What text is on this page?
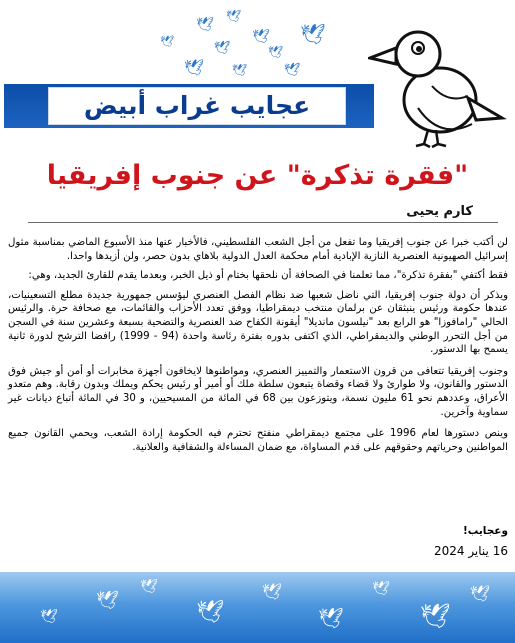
🕊
🕊
🕊
🕊
🕊
🕊
🕊 🕊
🕊
🕊
عجايب غراب أبيض
"فقرة تذكرة" عن جنوب إفريقيا
كارم يحيى

لن أكتب خبرا عن جنوب إفريقيا وما تفعل من أجل الشعب الفلسطيني، فالأخبار عنها منذ الأسبوع الماضي بمناسبة مثول إسرائيل الصهيونية العنصرية النازية الإبادية أمام محكمة العدل الدولية بلاهاي بدون حصر، ولن أزيدها واحدا.

فقط أكتفي "بفقرة تذكرة"، مما تعلمنا في الصحافة أن نلحقها بختام أو ذيل الخبر، وبعدما يقدم للقارئ الجديد، وهي:

ويذكر أن دولة جنوب إفريقيا، التي ناضل شعبها ضد نظام الفصل العنصري ليؤسس جمهورية جديدة مطلع التسعينيات، عندها حكومة ورئيس ينبثقان عن برلمان منتخب ديمقراطيا، ووفق تعدد الأحزاب والقائمات، مع صحافة حرة. والرئيس الحالي "رامافوزا" هو الرابع بعد "نيلسون مانديلا" أيقونة الكفاح ضد العنصرية والتضحية بسبعة وعشرين سنة في السجن من أجل التحرر الوطني والديمقراطي، الذي اكتفى بدوره بفترة رئاسة واحدة (94 - 1999) رافضا الترشح لدورة ثانية يسمح بها الدستور.

وجنوب إفريقيا تتعافى من قرون الاستعمار والتمييز العنصري، ومواطنوها لايخافون أجهزة مخابرات أو أمن أو جيش فوق الدستور والقانون، ولا طوارئ ولا قضاء وقضاة يتبعون سلطة ملك أو أمير أو رئيس يحكم ويملك وبدون رقابة. وهم متعدو الأعراق، وعددهم نحو 61 مليون نسمة، ويتوزعون بين 68 في المائة من المسيحيين، و 30 في المائة أتباع ديانات غير سماوية وآخرين.

وينص دستورها لعام 1996 على مجتمع ديمقراطي منفتح تحترم فيه الحكومة إرادة الشعب، ويحمي القانون جميع المواطنين وحرياتهم وحقوقهم على قدم المساواة، مع ضمان المساءلة والشفافية والعلانية.

وعجايب!
16 يناير 2024
🕊
🕊
🕊
🕊
🕊
🕊
🕊
🕊
🕊
